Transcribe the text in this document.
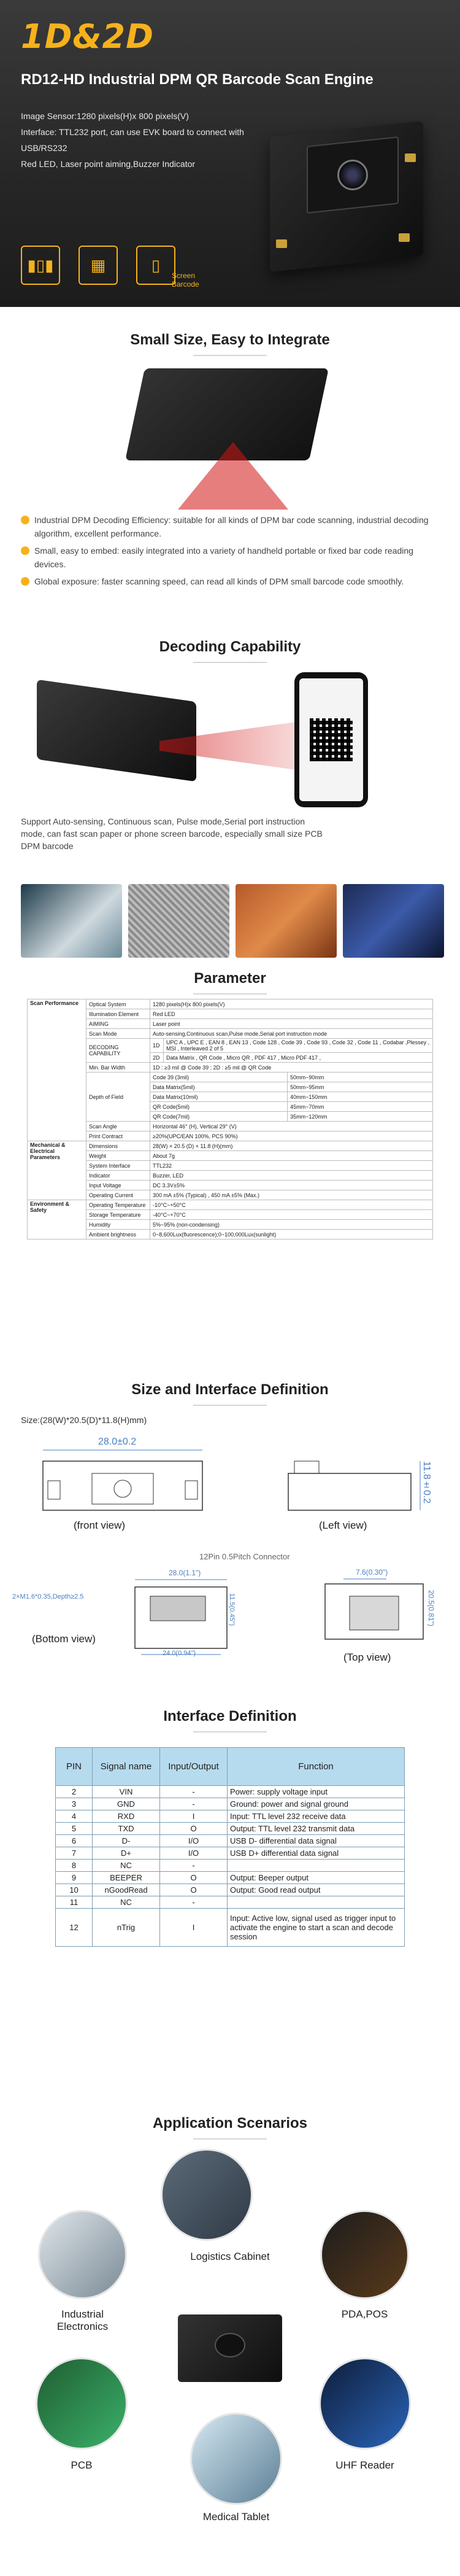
1D&2D
RD12-HD Industrial DPM QR Barcode Scan Engine
Image Sensor:1280 pixels(H)x 800 pixels(V)
Interface: TTL232 port, can use EVK board to connect with USB/RS232
Red LED, Laser point aiming,Buzzer Indicator
▮▯▮	▦	▯
Screen
Barcode
Small Size, Easy to Integrate
Industrial DPM Decoding Efficiency: suitable for all kinds of DPM bar code scanning, industrial decoding algorithm, excellent performance.
Small, easy to embed: easily integrated into a variety of handheld portable or fixed bar code reading devices.
Global exposure: faster scanning speed, can read all kinds of DPM small barcode code smoothly.
Decoding Capability
Support Auto-sensing, Continuous scan, Pulse mode,Serial port instruction mode, can fast scan paper or phone screen barcode, especially small size PCB DPM barcode
Parameter
Scan Performance	Optical System	1280 pixels(H)x 800 pixels(V)		
	Illumination Element	Red LED		
	AIMING	Laser point		
	Scan Mode	Auto-sensing,Continuous scan,Pulse mode,Serial port instruction mode		
	DECODING CAPABILITY	1D	UPC A , UPC E , EAN 8 , EAN 13 , Code 128 , Code 39 , Code 93 , Code 32 , Code 11 , Codabar ,Plessey , MSI , Interleaved 2 of 5	
		2D	Data Matrix , QR Code , Micro QR , PDF 417 , Micro PDF 417 ,	
	Min. Bar Width	1D : ≥3 mil @ Code 39 ; 2D : ≥5 mil @ QR Code		
	Depth of Field	Code 39 (3mil)		50mm~90mm
		Data Matrix(5mil)		50mm~95mm
		Data Matrix(10mil)		40mm~150mm
		QR Code(5mil)		45mm~70mm
		QR Code(7mil)		35mm~120mm
	Scan Angle	Horizontal 46° (H), Vertical 29° (V)		
	Print Contract	≥20%(UPC/EAN 100%, PCS 90%)		
Mechanical & Electrical Parameters	Dimensions	28(W) × 20.5 (D) × 11.8 (H)(mm)		
	Weight	About 7g		
	System Interface	TTL232		
	Indicator	Buzzer, LED		
	Input Voltage	DC 3.3V±5%		
	Operating Current	300 mA ±5% (Typical) , 450 mA ±5% (Max.)		
Environment & Safety	Operating Temperature	-10°C~+50°C		
	Storage Temperature	-40°C~+70°C		
	Humidity	5%~95% (non-condensing)		
	Ambient brightness	0~8,600Lux(fluorescence);0~100,000Lux(sunlight)		
Size and Interface Definition
Size:(28(W)*20.5(D)*11.8(H)mm)
28.0±0.2
(front view)
11.8±0.2
(Left view)
12Pin 0.5Pitch Connector
28.0(1.1")
2×M1.6*0.35,Depth≥2.5	11.5(0.45")
24.0(0.94")
(Bottom view)
7.6(0.30")
20.5(0.81")
(Top view)
Interface Definition
PIN	Signal name	Input/Output	Function
2	VIN	-	Power: supply voltage input
3	GND	-	Ground: power and signal ground
4	RXD	I	Input: TTL level 232 receive data
5	TXD	O	Output: TTL level 232 transmit data
6	D-	I/O	USB D- differential data signal
7	D+	I/O	USB D+ differential data signal
8	NC	-	
9	BEEPER	O	Output: Beeper output
10	nGoodRead	O	Output: Good read output
11	NC	-	
12	nTrig	I	Input: Active low, signal used as trigger input to activate the engine to start a scan and decode session
Application Scenarios
Logistics Cabinet
Industrial
Electronics
PDA,POS
PCB	UHF Reader
Medical Tablet
